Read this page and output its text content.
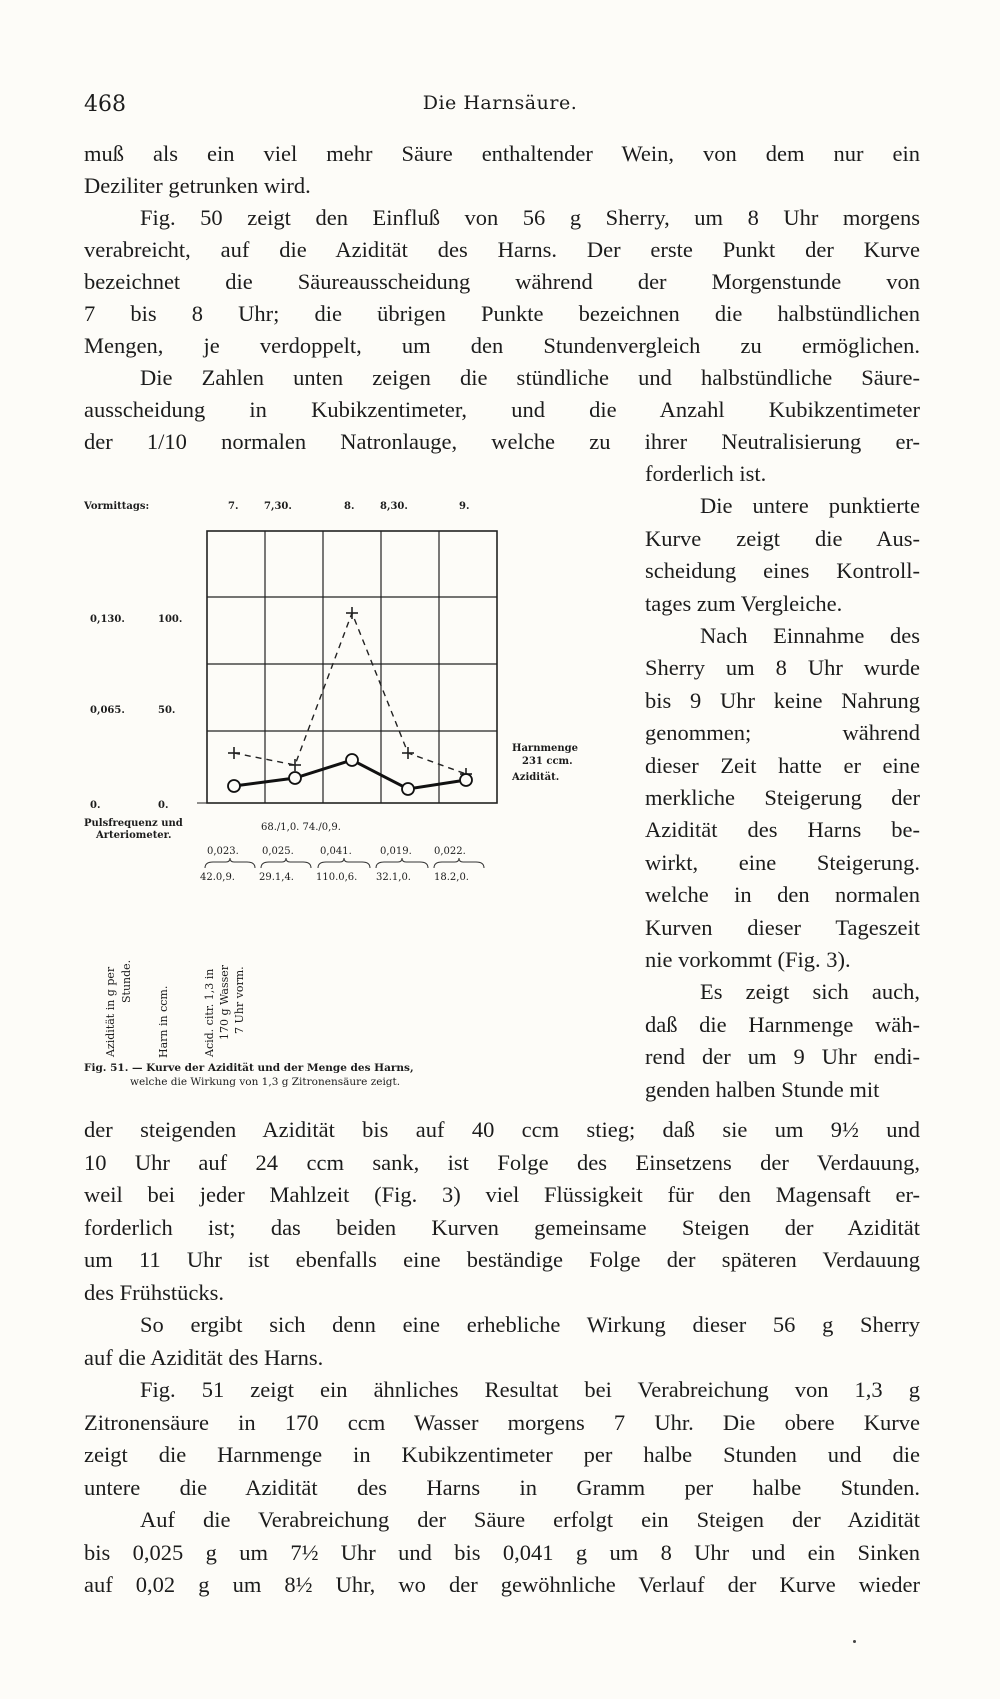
468	Die Harnsäure.
muß als ein viel mehr Säure enthaltender Wein, von dem nur ein
Deziliter getrunken wird.
Fig. 50 zeigt den Einfluß von 56 g Sherry, um 8 Uhr morgens
verabreicht, auf die Azidität des Harns. Der erste Punkt der Kurve
bezeichnet die Säureausscheidung während der Morgenstunde von
7 bis 8 Uhr; die übrigen Punkte bezeichnen die halbstündlichen
Mengen, je verdoppelt, um den Stundenvergleich zu ermöglichen.
Die Zahlen unten zeigen die stündliche und halbstündliche Säure-
ausscheidung in Kubikzentimeter, und die Anzahl Kubikzentimeter
der 1/10 normalen Natronlauge, welche zu ihrer Neutralisierung er-
forderlich ist.
Die untere punktierte
Kurve zeigt die Aus-
scheidung eines Kontroll-
tages zum Vergleiche.
Nach Einnahme des
Sherry um 8 Uhr wurde
bis 9 Uhr keine Nahrung
genommen; während
dieser Zeit hatte er eine
merkliche Steigerung der
Azidität des Harns be-
wirkt, eine Steigerung.
welche in den normalen
Kurven dieser Tageszeit
nie vorkommt (Fig. 3).
Es zeigt sich auch,
daß die Harnmenge wäh-
rend der um 9 Uhr endi-
genden halben Stunde mit
der steigenden Azidität bis auf 40 ccm stieg; daß sie um 9½ und
10 Uhr auf 24 ccm sank, ist Folge des Einsetzens der Verdauung,
weil bei jeder Mahlzeit (Fig. 3) viel Flüssigkeit für den Magensaft er-
forderlich ist; das beiden Kurven gemeinsame Steigen der Azidität
um 11 Uhr ist ebenfalls eine beständige Folge der späteren Verdauung
des Frühstücks.
So ergibt sich denn eine erhebliche Wirkung dieser 56 g Sherry
auf die Azidität des Harns.
Fig. 51 zeigt ein ähnliches Resultat bei Verabreichung von 1,3 g
Zitronensäure in 170 ccm Wasser morgens 7 Uhr. Die obere Kurve
zeigt die Harnmenge in Kubikzentimeter per halbe Stunden und die
untere die Azidität des Harns in Gramm per halbe Stunden.
Auf die Verabreichung der Säure erfolgt ein Steigen der Azidität
bis 0,025 g um 7½ Uhr und bis 0,041 g um 8 Uhr und ein Sinken
auf 0,02 g um 8½ Uhr, wo der gewöhnliche Verlauf der Kurve wieder
Vormittags:	7.	7,30.	8.	8,30.	9.
0,130.
0,065.
0.
100.
50.
0.
Harnmenge
231 ccm.
Azidität.
Pulsfrequenz und
Arteriometer.
68./1,0. 74./0,9.
0,023. 0,025.	0,041.	0,019. 0,022.
42.0,9. 29.1,4. 110.0,6. 32.1,0. 18.2,0.
Azidität in g per Stunde.
Harn in ccm.	Acid. citr. 1,3 in 170 g Wasser 7 Uhr vorm.
Fig. 51. — Kurve der Azidität und der Menge des Harns,
welche die Wirkung von 1,3 g Zitronensäure zeigt.
